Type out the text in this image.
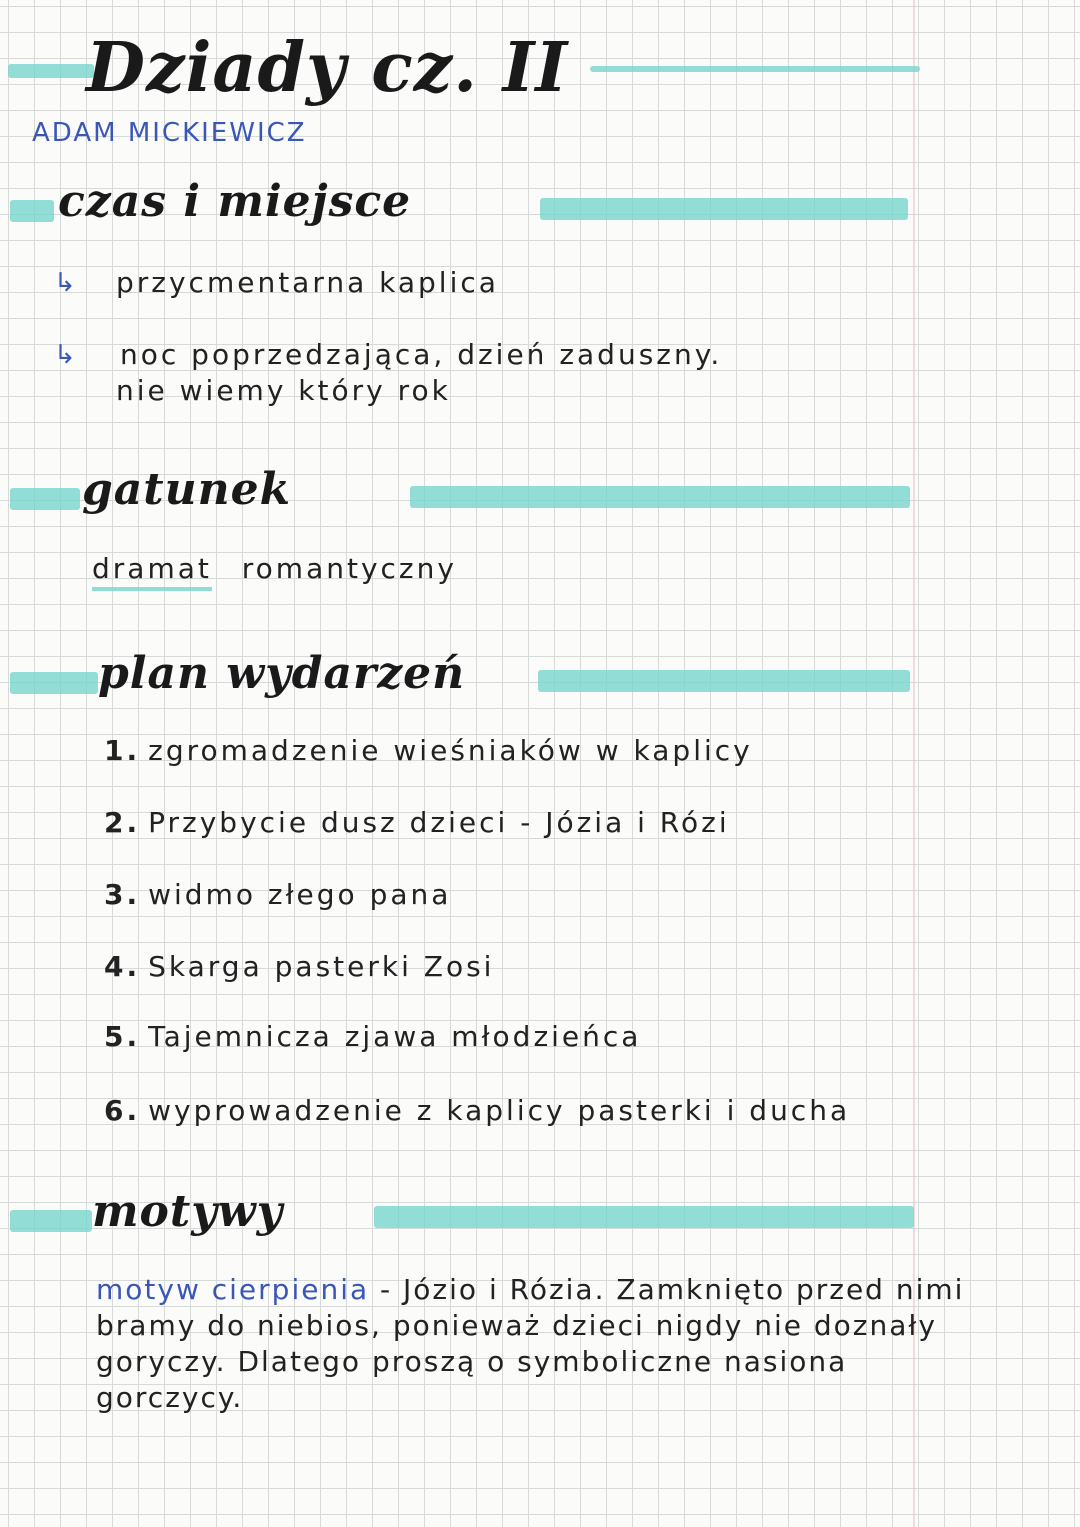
Dziady cz. II
ADAM MICKIEWICZ
czas i miejsce
↳ przycmentarna kaplica
↳ noc poprzedzająca, dzień zaduszny.
nie wiemy który rok
gatunek
dramat romantyczny
plan wydarzeń
1. zgromadzenie wieśniaków w kaplicy
2. Przybycie dusz dzieci - Józia i Rózi
3. widmo złego pana
4. Skarga pasterki Zosi
5. Tajemnicza zjawa młodzieńca
6. wyprowadzenie z kaplicy pasterki i ducha
motywy
motyw cierpienia - Józio i Rózia. Zamknięto przed nimi bramy do niebios, ponieważ dzieci nigdy nie doznały goryczy. Dlatego proszą o symboliczne nasiona gorczycy.
